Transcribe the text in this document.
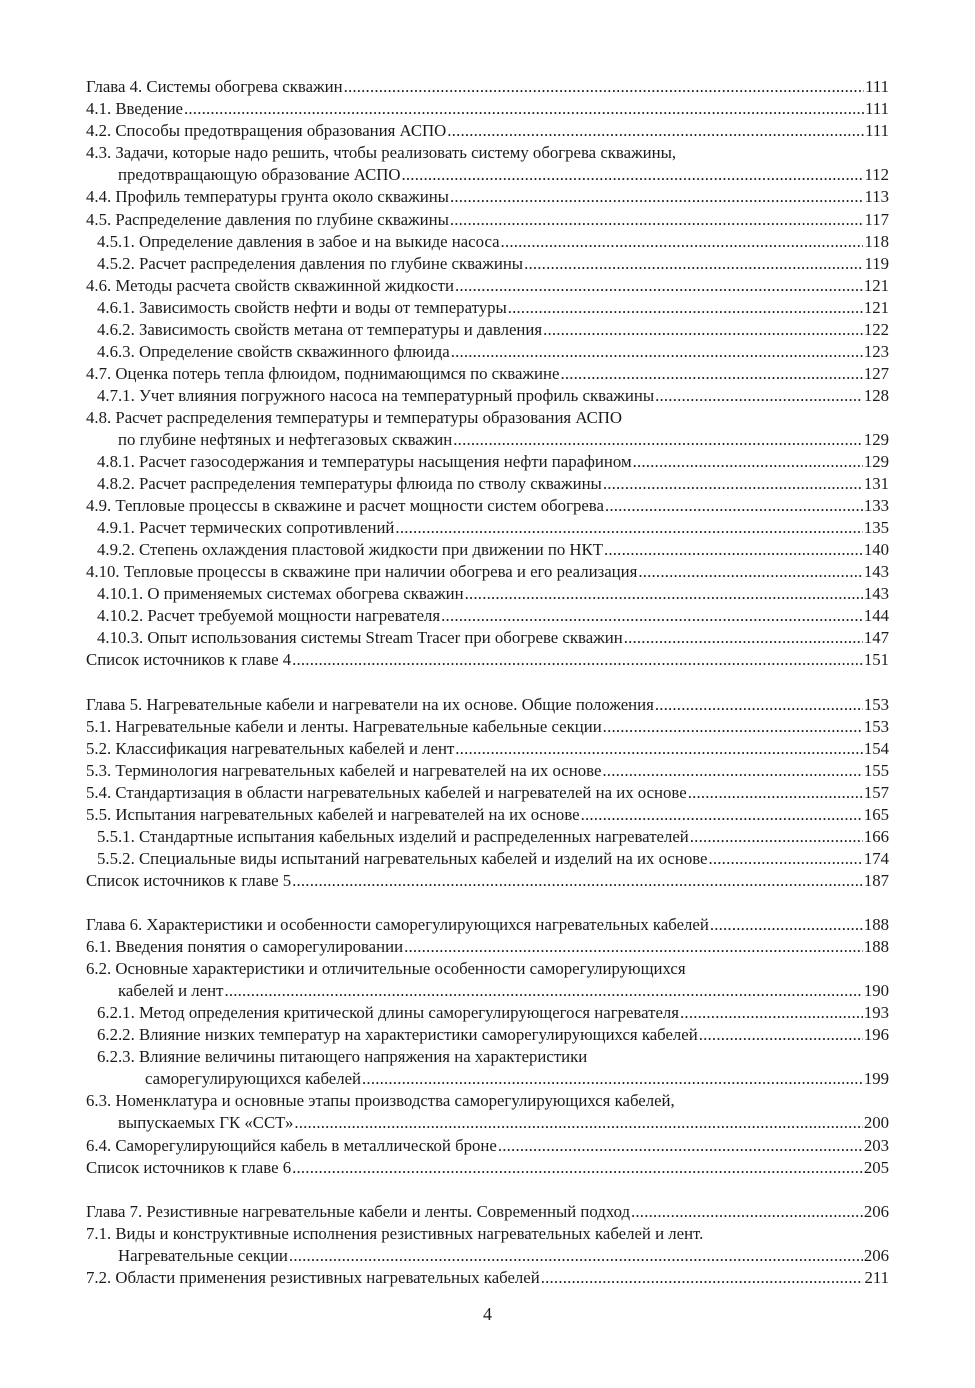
Глава 4. Системы обогрева скважин .....	111
4.1. Введение .....	111
4.2. Способы предотвращения образования АСПО .....	111
4.3. Задачи, которые надо решить, чтобы реализовать систему обогрева скважины,
предотвращающую образование АСПО .....	112
4.4. Профиль температуры грунта около скважины .....	113
4.5. Распределение давления по глубине скважины .....	117
4.5.1. Определение давления в забое и на выкиде насоса .....	118
4.5.2. Расчет распределения давления по глубине скважины .....	119
4.6. Методы расчета свойств скважинной жидкости .....	121
4.6.1. Зависимость свойств нефти и воды от температуры .....	121
4.6.2. Зависимость свойств метана от температуры и давления .....	122
4.6.3. Определение свойств скважинного флюида .....	123
4.7. Оценка потерь тепла флюидом, поднимающимся по скважине .....	127
4.7.1. Учет влияния погружного насоса на температурный профиль скважины .....	128
4.8. Расчет распределения температуры и температуры образования АСПО
по глубине нефтяных и нефтегазовых скважин .....	129
4.8.1. Расчет газосодержания и температуры насыщения нефти парафином .....	129
4.8.2. Расчет распределения температуры флюида по стволу скважины .....	131
4.9. Тепловые процессы в скважине и расчет мощности систем обогрева .....	133
4.9.1. Расчет термических сопротивлений .....	135
4.9.2. Степень охлаждения пластовой жидкости при движении по НКТ .....	140
4.10. Тепловые процессы в скважине при наличии обогрева и его реализация .....	143
4.10.1. О применяемых системах обогрева скважин .....	143
4.10.2. Расчет требуемой мощности нагревателя .....	144
4.10.3. Опыт использования системы Stream Tracer при обогреве скважин .....	147
Список источников к главе 4 .....	151
Глава 5. Нагревательные кабели и нагреватели на их основе. Общие положения .....	153
5.1. Нагревательные кабели и ленты. Нагревательные кабельные секции .....	153
5.2. Классификация нагревательных кабелей и лент .....	154
5.3. Терминология нагревательных кабелей и нагревателей на их основе .....	155
5.4. Стандартизация в области нагревательных кабелей и нагревателей на их основе .....	157
5.5. Испытания нагревательных кабелей и нагревателей на их основе .....	165
5.5.1. Стандартные испытания кабельных изделий и распределенных нагревателей .....	166
5.5.2. Специальные виды испытаний нагревательных кабелей и изделий на их основе .....	174
Список источников к главе 5 .....	187
Глава 6. Характеристики и особенности саморегулирующихся нагревательных кабелей .....	188
6.1. Введения понятия о саморегулировании .....	188
6.2. Основные характеристики и отличительные особенности саморегулирующихся
кабелей и лент .....	190
6.2.1. Метод определения критической длины саморегулирующегося нагревателя .....	193
6.2.2. Влияние низких температур на характеристики саморегулирующихся кабелей .....	196
6.2.3. Влияние величины питающего напряжения на характеристики
саморегулирующихся кабелей .....	199
6.3. Номенклатура и основные этапы производства саморегулирующихся кабелей,
выпускаемых ГК «ССТ» .....	200
6.4. Саморегулирующийся кабель в металлической броне .....	203
Список источников к главе 6 .....	205
Глава 7. Резистивные нагревательные кабели и ленты. Современный подход .....	206
7.1. Виды и конструктивные исполнения резистивных нагревательных кабелей и лент.
Нагревательные секции .....	206
7.2. Области применения резистивных нагревательных кабелей .....	211
4
